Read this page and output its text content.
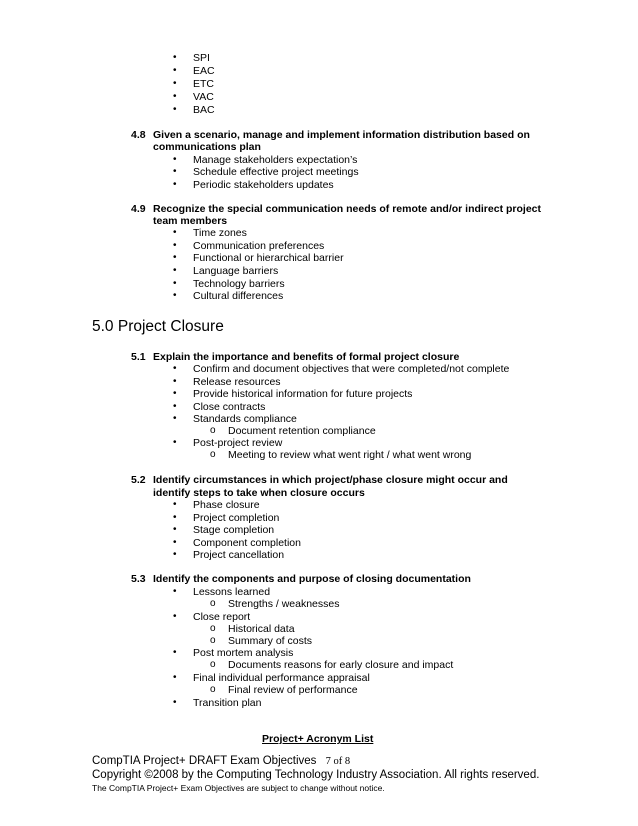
• SPI
• EAC
• ETC
• VAC
• BAC
4.8 Given a scenario, manage and implement information distribution based on
communications plan
• Manage stakeholders expectation’s
• Schedule effective project meetings
• Periodic stakeholders updates
4.9 Recognize the special communication needs of remote and/or indirect project
team members
• Time zones
• Communication preferences
• Functional or hierarchical barrier
• Language barriers
• Technology barriers
• Cultural differences
5.0 Project Closure
5.1 Explain the importance and benefits of formal project closure
• Confirm and document objectives that were completed/not complete
• Release resources
• Provide historical information for future projects
• Close contracts
• Standards compliance
o Document retention compliance
• Post-project review
o Meeting to review what went right / what went wrong
5.2 Identify circumstances in which project/phase closure might occur and
identify steps to take when closure occurs
• Phase closure
• Project completion
• Stage completion
• Component completion
• Project cancellation
5.3 Identify the components and purpose of closing documentation
• Lessons learned
o Strengths / weaknesses
• Close report
o Historical data
o Summary of costs
• Post mortem analysis
o Documents reasons for early closure and impact
• Final individual performance appraisal
o Final review of performance
• Transition plan
Project+ Acronym List
CompTIA Project+ DRAFT Exam Objectives 7 of 8
Copyright ©2008 by the Computing Technology Industry Association. All rights reserved.
The CompTIA Project+ Exam Objectives are subject to change without notice.
